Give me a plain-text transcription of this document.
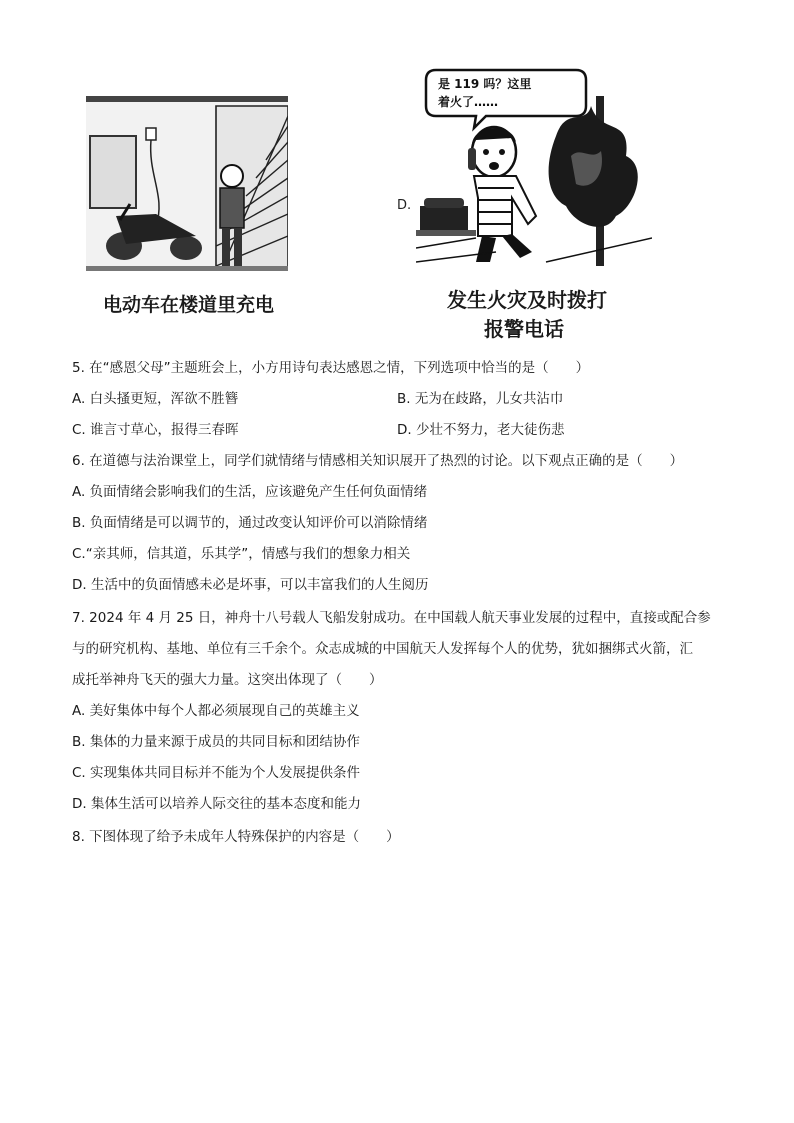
电动车在楼道里充电
D.
是 119 吗？这里
着火了……
发生火灾及时拨打
报警电话
5. 在“感恩父母”主题班会上，小方用诗句表达感恩之情，下列选项中恰当的是（　　）
A. 白头搔更短，浑欲不胜簪	B. 无为在歧路，儿女共沾巾
C. 谁言寸草心，报得三春晖	D. 少壮不努力，老大徒伤悲
6. 在道德与法治课堂上，同学们就情绪与情感相关知识展开了热烈的讨论。以下观点正确的是（　　）
A. 负面情绪会影响我们的生活，应该避免产生任何负面情绪
B. 负面情绪是可以调节的，通过改变认知评价可以消除情绪
C.“亲其师，信其道，乐其学”，情感与我们的想象力相关
D. 生活中的负面情感未必是坏事，可以丰富我们的人生阅历
7. 2024 年 4 月 25 日，神舟十八号载人飞船发射成功。在中国载人航天事业发展的过程中，直接或配合参
与的研究机构、基地、单位有三千余个。众志成城的中国航天人发挥每个人的优势，犹如捆绑式火箭，汇
成托举神舟飞天的强大力量。这突出体现了（　　）
A. 美好集体中每个人都必须展现自己的英雄主义
B. 集体的力量来源于成员的共同目标和团结协作
C. 实现集体共同目标并不能为个人发展提供条件
D. 集体生活可以培养人际交往的基本态度和能力
8. 下图体现了给予未成年人特殊保护的内容是（　　）
